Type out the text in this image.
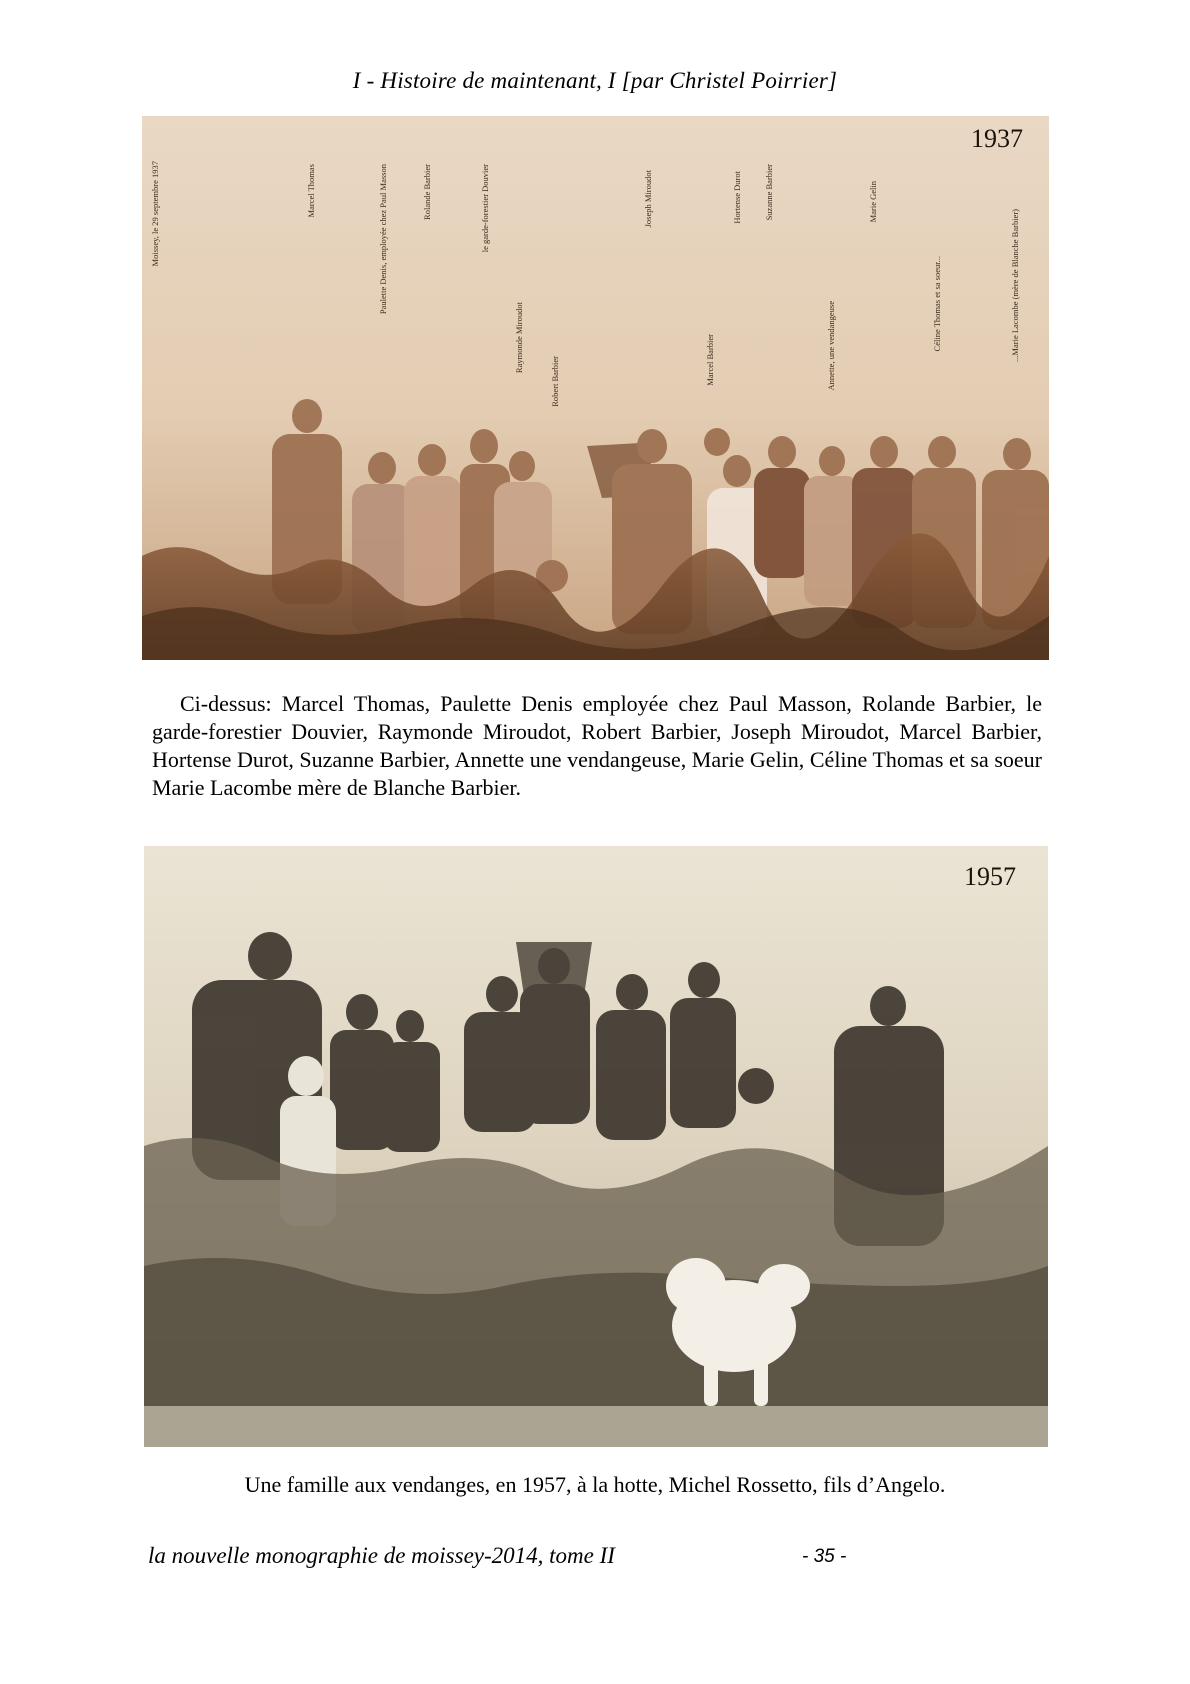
I - Histoire de maintenant, I [par Christel Poirrier]
1937
Moissey, le 29 septembre 1937	Marcel Thomas	Paulette Denis, employée chez Paul Masson	Rolande Barbier	le garde-forestier Douvier
Raymonde Miroudot
Robert Barbier
Joseph Miroudot
Marcel Barbier
Hortense Durot	Suzanne Barbier
Annette, une vendangeuse
Marie Gelin
Céline Thomas et sa soeur...	...Marie Lacombe (mère de Blanche Barbier)
Ci-dessus: Marcel Thomas, Paulette Denis employée chez Paul Masson, Rolande Barbier, le garde-forestier Douvier, Raymonde Miroudot, Robert Barbier, Joseph Miroudot, Marcel Barbier, Hortense Durot, Suzanne Barbier, Annette une vendangeuse, Marie Gelin, Céline Thomas et sa soeur Marie Lacombe mère de Blanche Barbier.
1957
Une famille aux vendanges, en 1957, à la hotte, Michel Rossetto, fils d’Angelo.
la nouvelle monographie de moissey-2014, tome II	- 35 -
